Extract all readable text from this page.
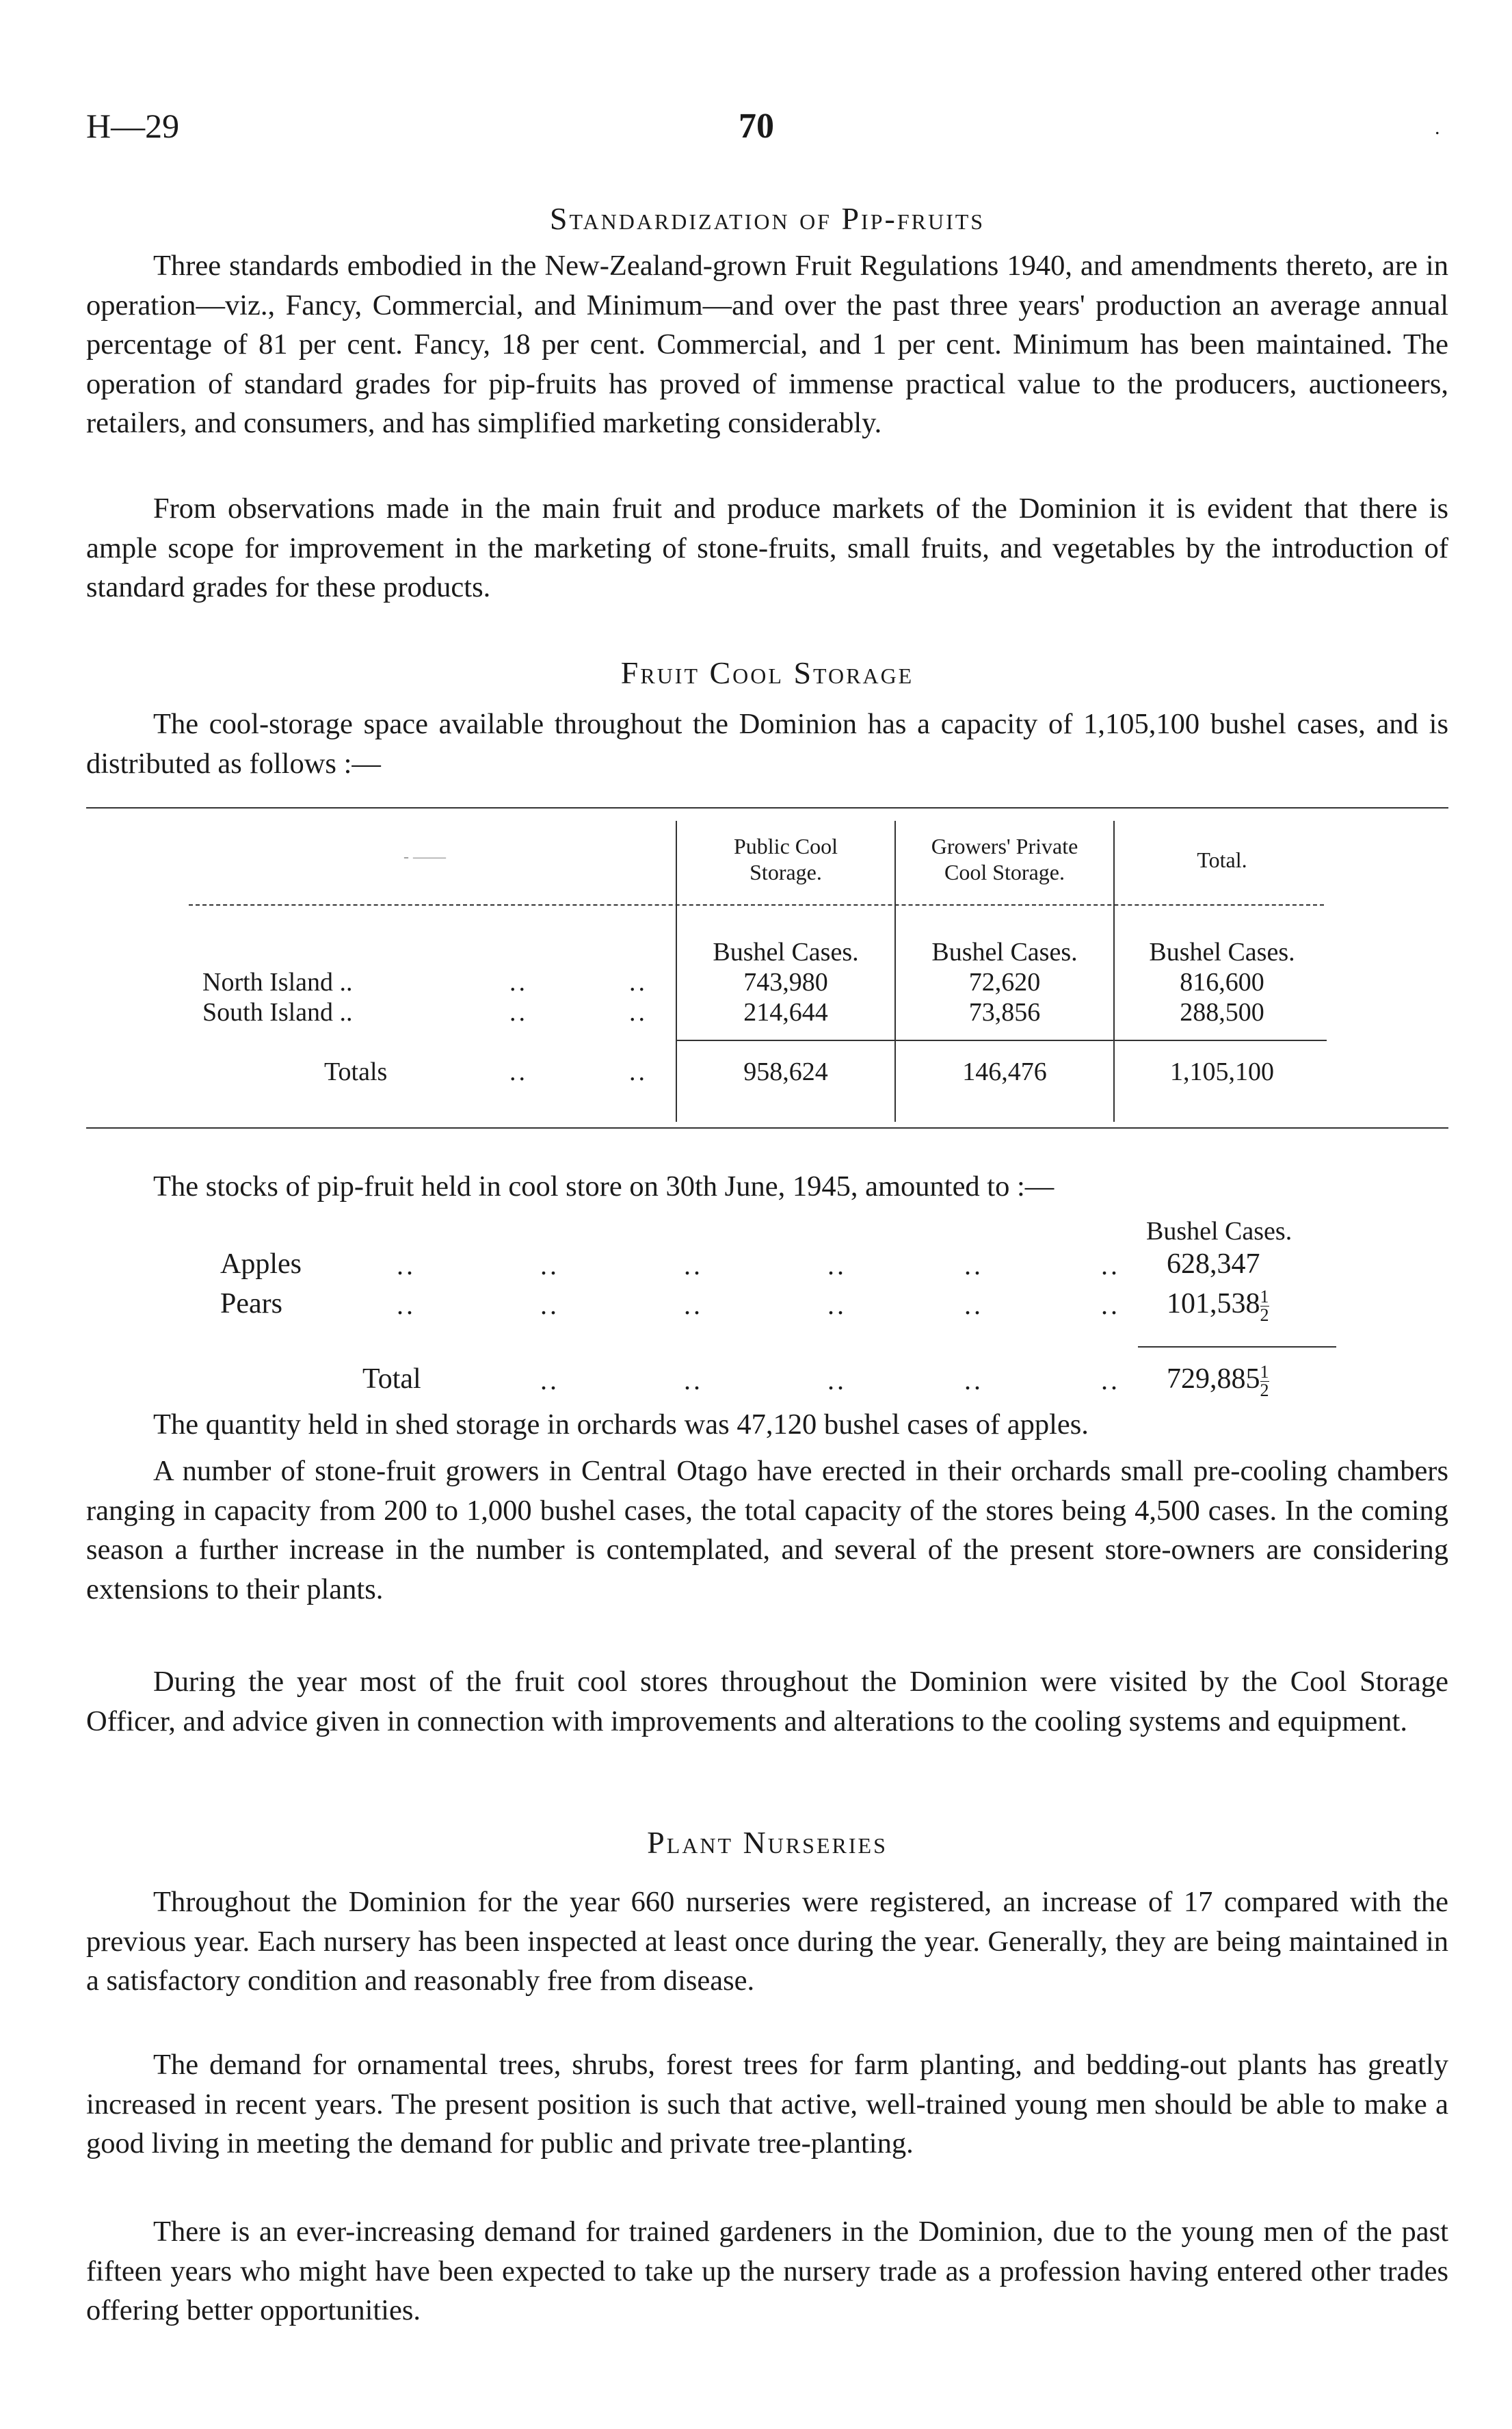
H—29	70	.
Standardization of Pip-fruits

Three standards embodied in the New-Zealand-grown Fruit Regulations 1940, and amendments thereto, are in operation—viz., Fancy, Commercial, and Minimum—and over the past three years' production an average annual percentage of 81 per cent. Fancy, 18 per cent. Commercial, and 1 per cent. Minimum has been maintained. The operation of standard grades for pip-fruits has proved of immense practical value to the producers, auctioneers, retailers, and consumers, and has simplified marketing considerably.

From observations made in the main fruit and produce markets of the Dominion it is evident that there is ample scope for improvement in the marketing of stone-fruits, small fruits, and vegetables by the introduction of standard grades for these products.

Fruit Cool Storage

The cool-storage space available throughout the Dominion has a capacity of 1,105,100 bushel cases, and is distributed as follows :—

- ——	Public Cool
Storage.
Growers' Private
Cool Storage.	Total.
Bushel Cases.	Bushel Cases.	Bushel Cases.
North Island ..	..	..	743,980	72,620	816,600
South Island ..	..	..	214,644	73,856	288,500
Totals	..	..	958,624	146,476	1,105,100

The stocks of pip-fruit held in cool store on 30th June, 1945, amounted to :—

Bushel Cases.
Apples	..	..	..	..	..	.. 628,347
Pears	..	..	..	..	..	.. $101,538 \frac{1}{2}$
Total	..	..	..	..	.. $729,885 \frac{1}{2}$

The quantity held in shed storage in orchards was 47,120 bushel cases of apples.

A number of stone-fruit growers in Central Otago have erected in their orchards small pre-cooling chambers ranging in capacity from 200 to 1,000 bushel cases, the total capacity of the stores being 4,500 cases. In the coming season a further increase in the number is contemplated, and several of the present store-owners are considering extensions to their plants.

During the year most of the fruit cool stores throughout the Dominion were visited by the Cool Storage Officer, and advice given in connection with improvements and alterations to the cooling systems and equipment.

Plant Nurseries

Throughout the Dominion for the year 660 nurseries were registered, an increase of 17 compared with the previous year. Each nursery has been inspected at least once during the year. Generally, they are being maintained in a satisfactory condition and reasonably free from disease.

The demand for ornamental trees, shrubs, forest trees for farm planting, and bedding-out plants has greatly increased in recent years. The present position is such that active, well-trained young men should be able to make a good living in meeting the demand for public and private tree-planting.

There is an ever-increasing demand for trained gardeners in the Dominion, due to the young men of the past fifteen years who might have been expected to take up the nursery trade as a profession having entered other trades offering better opportunities.
